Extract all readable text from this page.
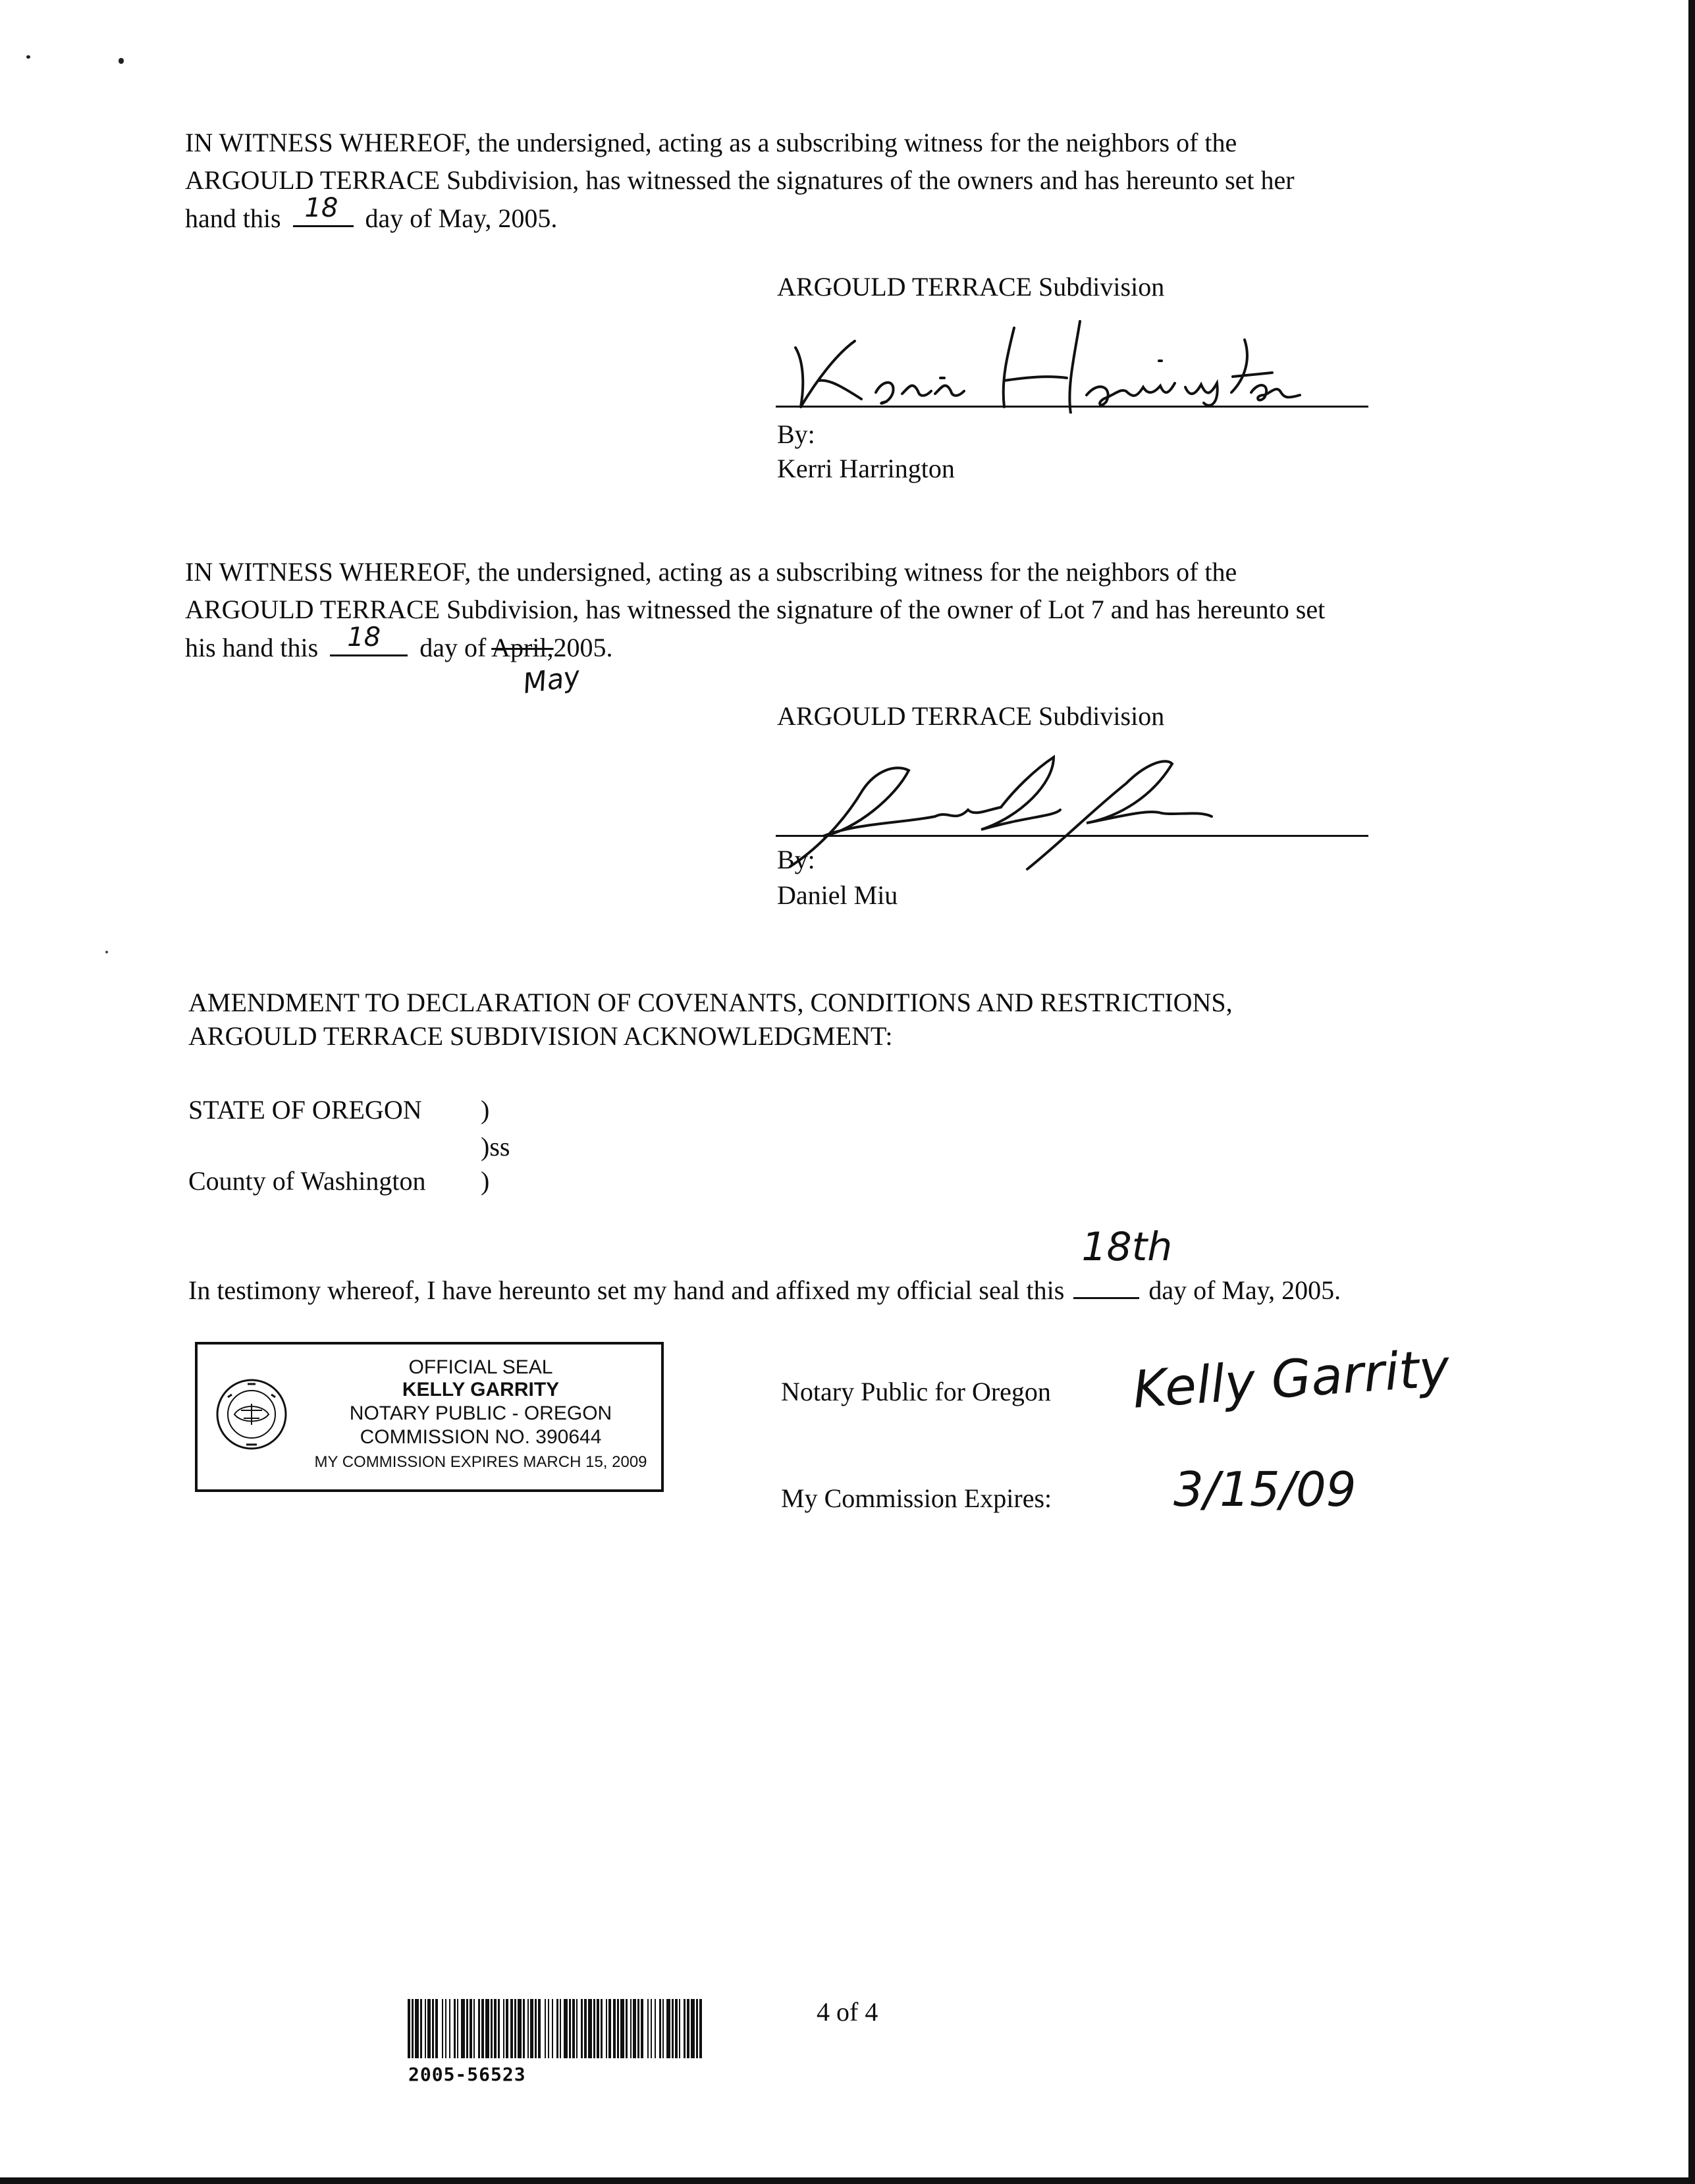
IN WITNESS WHEREOF, the undersigned, acting as a subscribing witness for the neighbors of the
ARGOULD TERRACE Subdivision, has witnessed the signatures of the owners and has hereunto set her
hand this 18 day of May, 2005.
ARGOULD TERRACE Subdivision
By:
Kerri Harrington
IN WITNESS WHEREOF, the undersigned, acting as a subscribing witness for the neighbors of the
ARGOULD TERRACE Subdivision, has witnessed the signature of the owner of Lot 7 and has hereunto set
his hand this 18 day of April,2005.
May
ARGOULD TERRACE Subdivision
By:
Daniel Miu
AMENDMENT TO DECLARATION OF COVENANTS, CONDITIONS AND RESTRICTIONS,
ARGOULD TERRACE SUBDIVISION ACKNOWLEDGMENT:
STATE OF OREGON )
)ss
County of Washington )
In testimony whereof, I have hereunto set my hand and affixed my official seal this
18th
day of May, 2005.
OFFICIAL SEAL
KELLY GARRITY
NOTARY PUBLIC - OREGON
COMMISSION NO. 390644
MY COMMISSION EXPIRES MARCH 15, 2009
Notary Public for Oregon Kelly Garrity
My Commission Expires:	3/15/09
2005-56523
4 of 4
